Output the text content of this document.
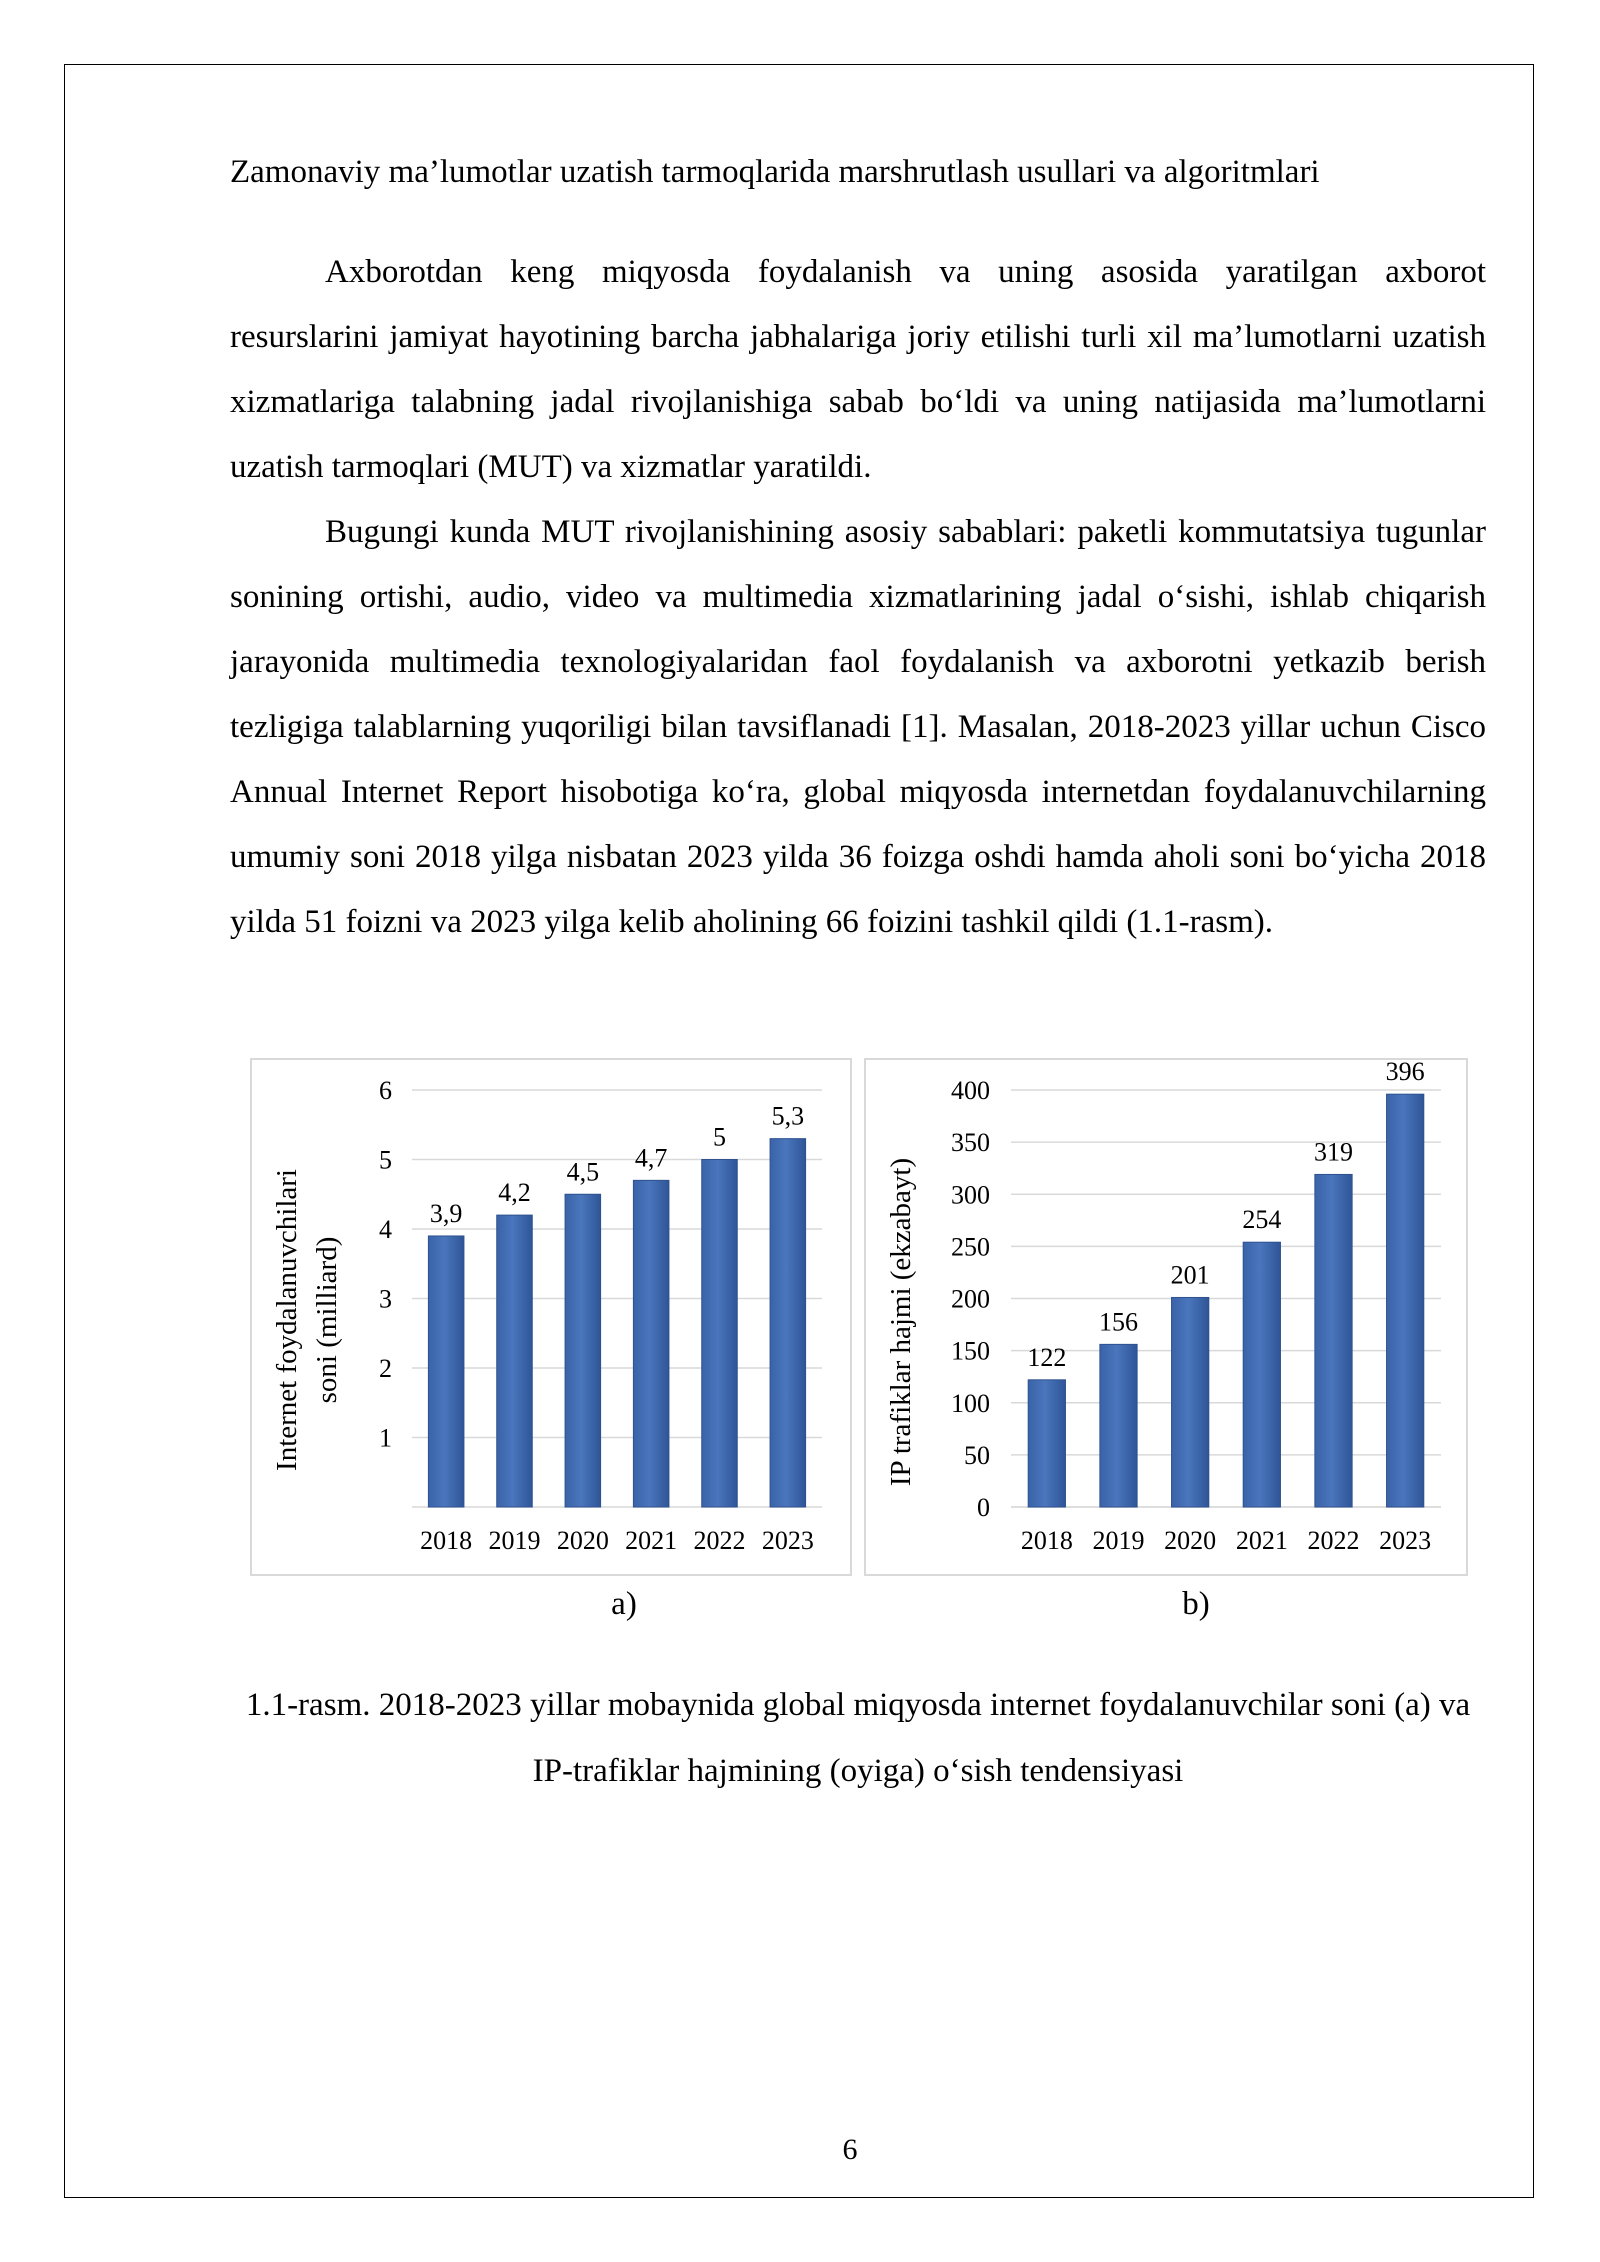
Zamonaviy ma’lumotlar uzatish tarmoqlarida marshrutlash usullari va algoritmlari

Axborotdan keng miqyosda foydalanish va uning asosida yaratilgan axborot resurslarini jamiyat hayotining barcha jabhalariga joriy etilishi turli xil ma’lumotlarni uzatish xizmatlariga talabning jadal rivojlanishiga sabab bo‘ldi va uning natijasida ma’lumotlarni uzatish tarmoqlari (MUT) va xizmatlar yaratildi.

Bugungi kunda MUT rivojlanishining asosiy sabablari: paketli kommutatsiya tugunlar sonining ortishi, audio, video va multimedia xizmatlarining jadal o‘sishi, ishlab chiqarish jarayonida multimedia texnologiyalaridan faol foydalanish va axborotni yetkazib berish tezligiga talablarning yuqoriligi bilan tavsiflanadi [1]. Masalan, 2018-2023 yillar uchun Cisco Annual Internet Report hisobotiga ko‘ra, global miqyosda internetdan foydalanuvchilarning umumiy soni 2018 yilga nisbatan 2023 yilda 36 foizga oshdi hamda aholi soni bo‘yicha 2018 yilda 51 foizni va 2023 yilga kelib aholining 66 foizini tashkil qildi (1.1-rasm).

1
2
3
4
5
6
3,9
2018
4,2
2019
4,5
2020
4,7
2021
5
2022
5,3
2023
Internet foydalanuvchilari soni (milliard)
0
50
100
150
200
250
300
350
400
122
2018
156
2019
201
2020
254
2021
319
2022
396
2023
IP trafiklar hajmi (ekzabayt)
a)	b)
1.1-rasm. 2018-2023 yillar mobaynida global miqyosda internet foydalanuvchilar soni (a) va IP-trafiklar hajmining (oyiga) o‘sish tendensiyasi
6
